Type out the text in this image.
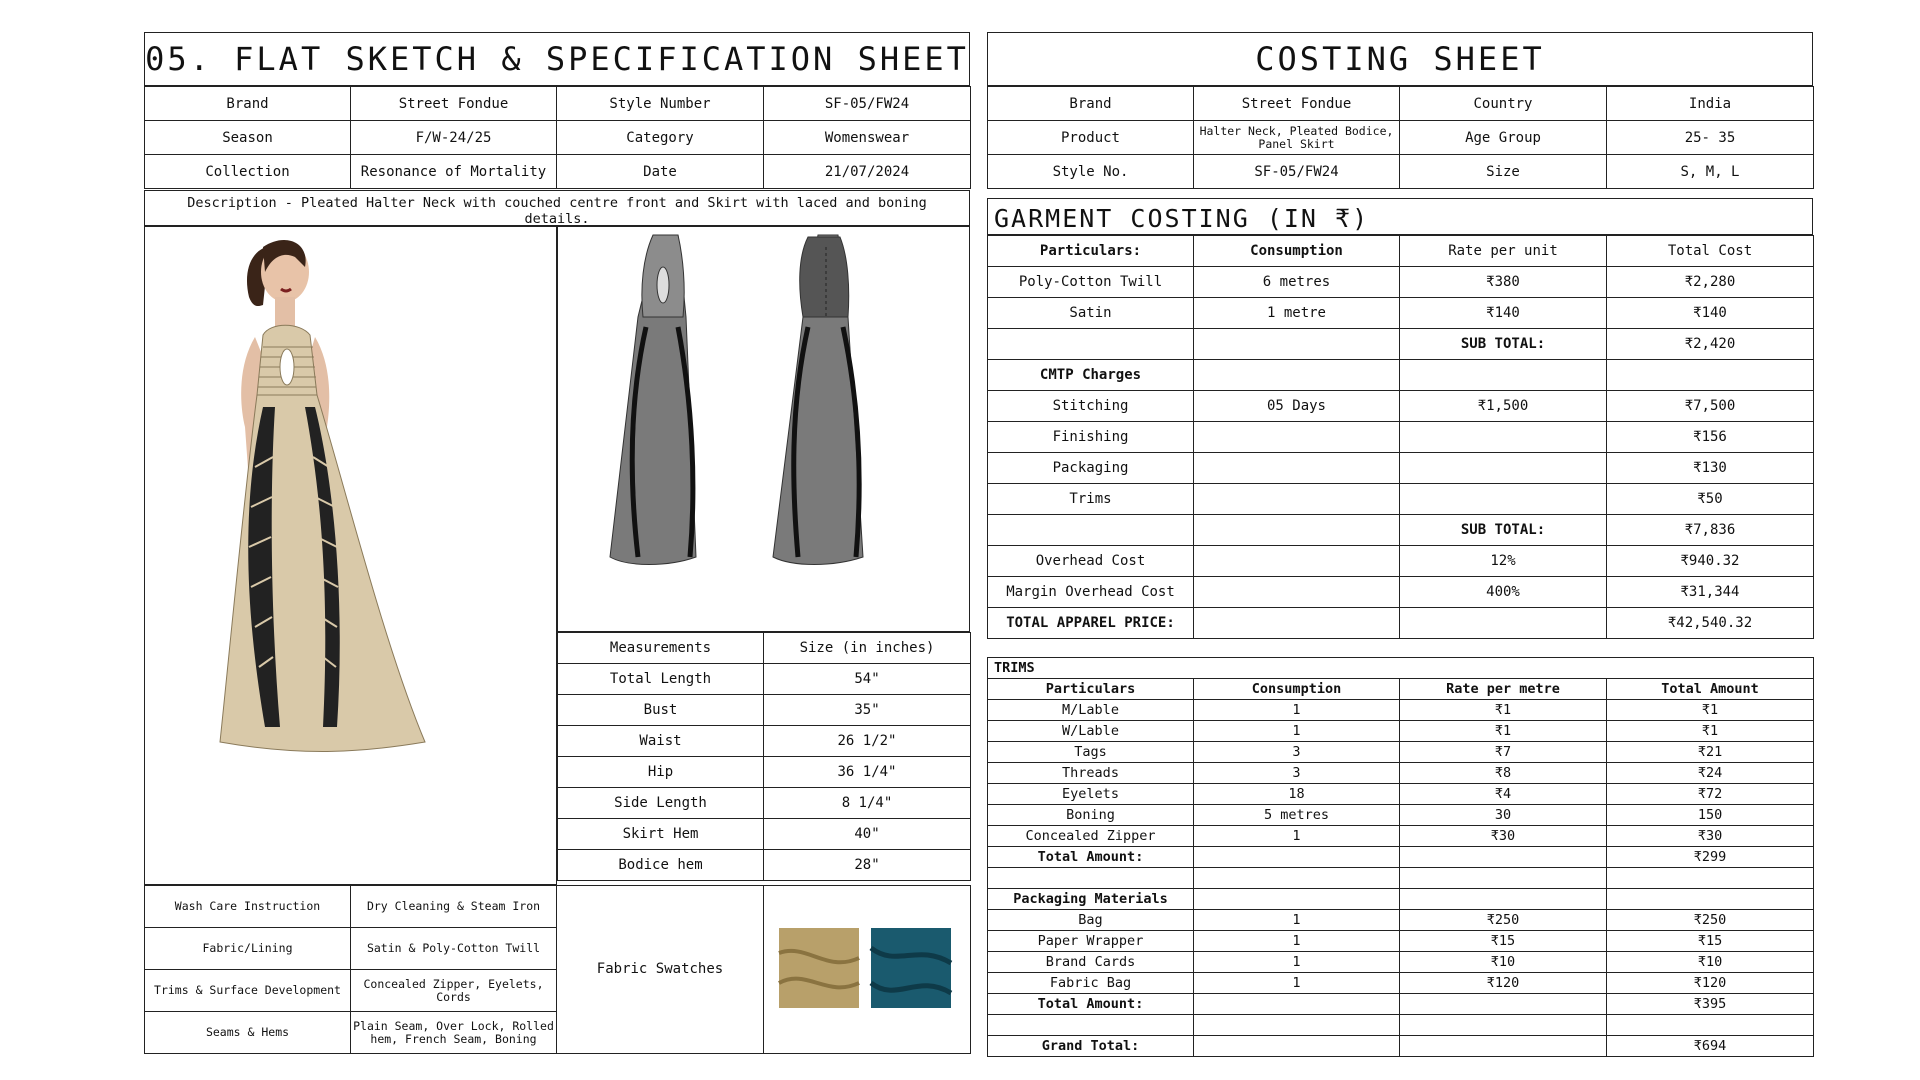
05. FLAT SKETCH & SPECIFICATION SHEET
Brand	Street Fondue	Style Number	SF-05/FW24
Season	F/W-24/25	Category	Womenswear
Collection	Resonance of Mortality	Date	21/07/2024
Description - Pleated Halter Neck with couched centre front and Skirt with laced and boning details.
Measurements	Size (in inches)
Total Length	54"
Bust	35"
Waist	26 1/2"
Hip	36 1/4"
Side Length	8 1/4"
Skirt Hem	40"
Bodice hem	28"
Wash Care Instruction	Dry Cleaning & Steam Iron	Fabric Swatches	
Fabric/Lining	Satin & Poly-Cotton Twill		
Trims & Surface Development	Concealed Zipper, Eyelets, Cords		
Seams & Hems	Plain Seam, Over Lock, Rolled hem, French Seam, Boning		
COSTING SHEET
Brand	Street Fondue	Country	India
Product	Halter Neck, Pleated Bodice, Panel Skirt	Age Group	25- 35
Style No.	SF-05/FW24	Size	S, M, L
GARMENT COSTING (IN ₹)
Particulars:	Consumption	Rate per unit	Total Cost
Poly-Cotton Twill	6 metres	₹380	₹2,280
Satin	1 metre	₹140	₹140
		SUB TOTAL:	₹2,420
CMTP Charges			
Stitching	05 Days	₹1,500	₹7,500
Finishing			₹156
Packaging			₹130
Trims			₹50
		SUB TOTAL:	₹7,836
Overhead Cost		12%	₹940.32
Margin Overhead Cost		400%	₹31,344
TOTAL APPAREL PRICE:			₹42,540.32
TRIMS			
Particulars	Consumption	Rate per metre	Total Amount
M/Lable	1	₹1	₹1
W/Lable	1	₹1	₹1
Tags	3	₹7	₹21
Threads	3	₹8	₹24
Eyelets	18	₹4	₹72
Boning	5 metres	30	150
Concealed Zipper	1	₹30	₹30
Total Amount:			₹299

Packaging Materials			
Bag	1	₹250	₹250
Paper Wrapper	1	₹15	₹15
Brand Cards	1	₹10	₹10
Fabric Bag	1	₹120	₹120
Total Amount:			₹395

Grand Total:			₹694
